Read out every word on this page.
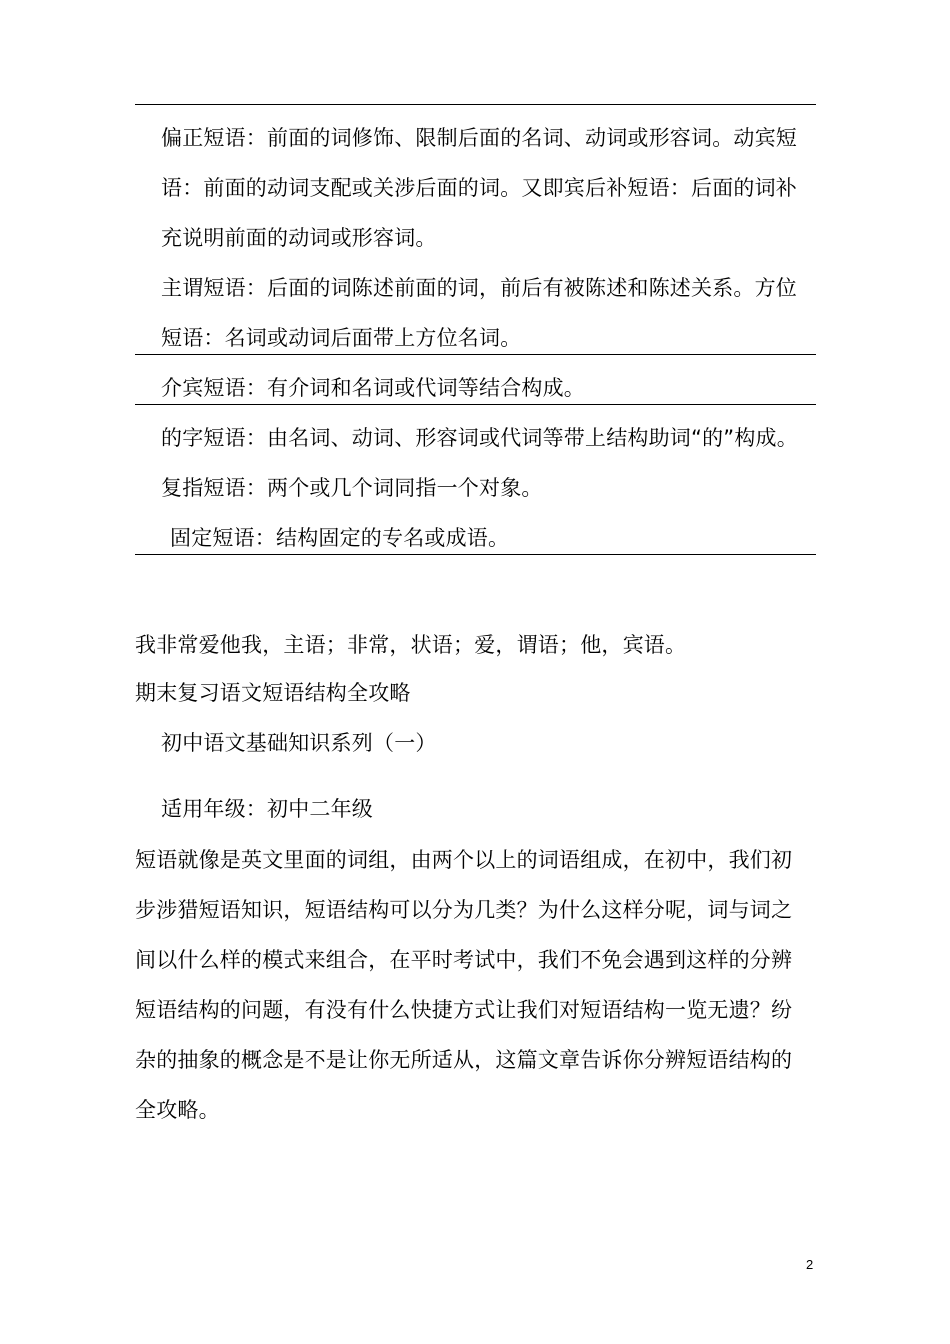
偏正短语：前面的词修饰、限制后面的名词、动词或形容词。动宾短
语：前面的动词支配或关涉后面的词。又即宾后补短语：后面的词补
充说明前面的动词或形容词。
主谓短语：后面的词陈述前面的词，前后有被陈述和陈述关系。方位
短语：名词或动词后面带上方位名词。
介宾短语：有介词和名词或代词等结合构成。
的字短语：由名词、动词、形容词或代词等带上结构助词“的”构成。
复指短语：两个或几个词同指一个对象。
固定短语：结构固定的专名或成语。
我非常爱他我，主语；非常，状语；爱，谓语；他，宾语。
期末复习语文短语结构全攻略
初中语文基础知识系列（一）
适用年级：初中二年级
短语就像是英文里面的词组，由两个以上的词语组成，在初中，我们初
步涉猎短语知识，短语结构可以分为几类？为什么这样分呢，词与词之
间以什么样的模式来组合，在平时考试中，我们不免会遇到这样的分辨
短语结构的问题，有没有什么快捷方式让我们对短语结构一览无遗？纷
杂的抽象的概念是不是让你无所适从，这篇文章告诉你分辨短语结构的
全攻略。
2
